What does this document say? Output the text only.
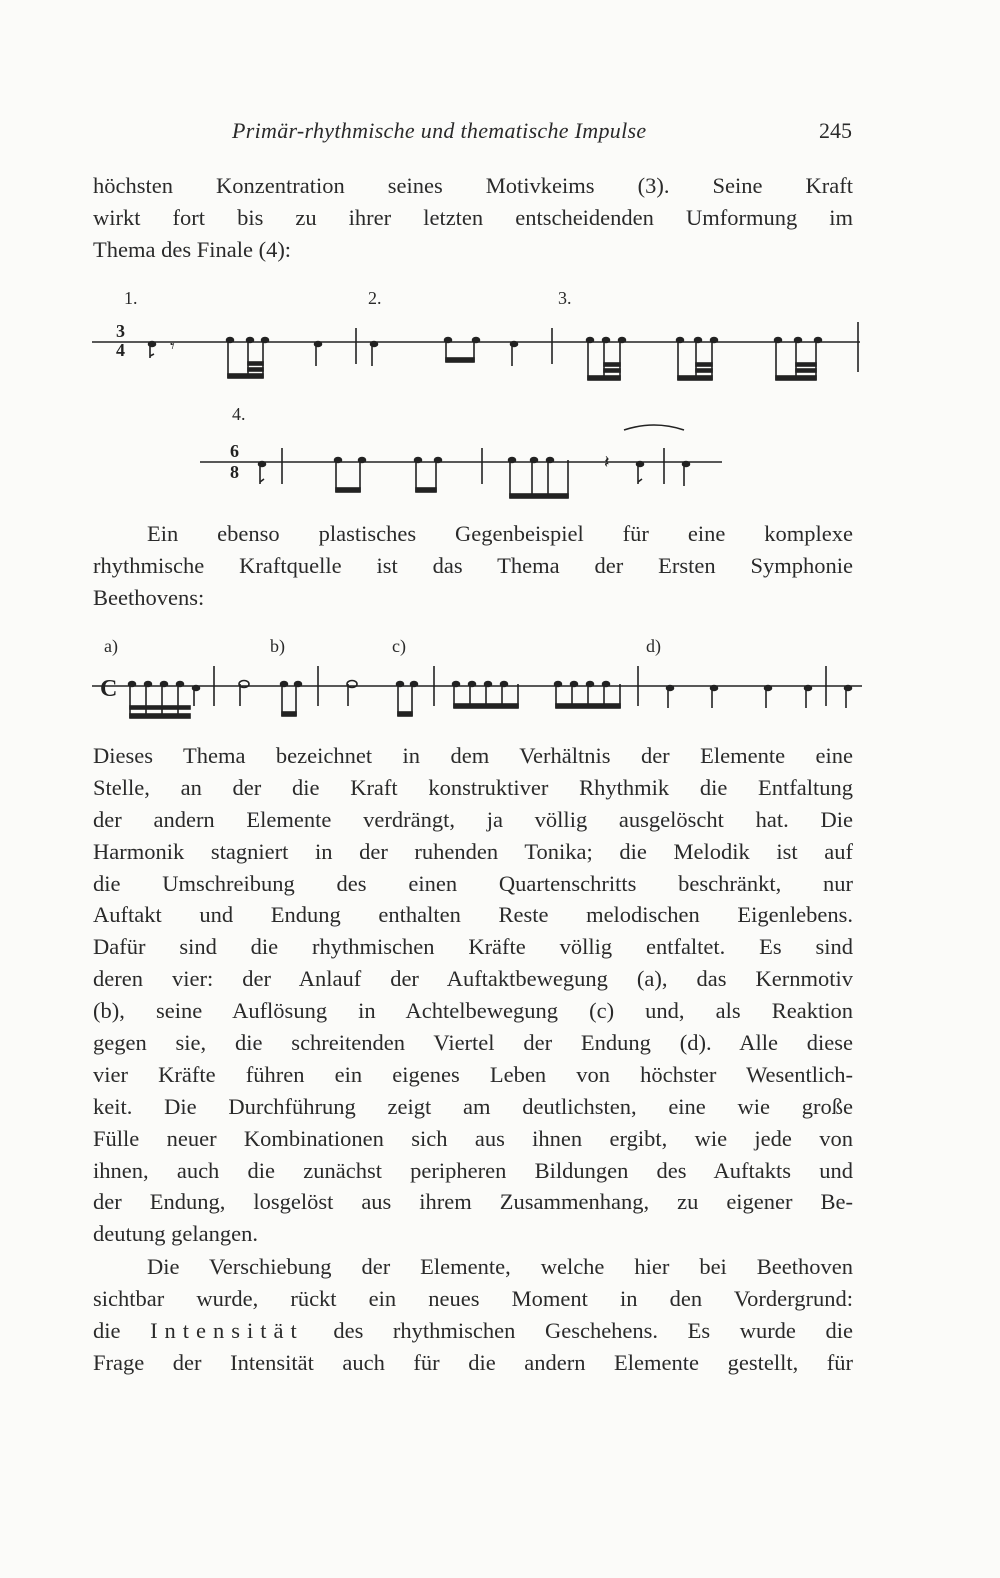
Primär-rhythmische und thematische Impulse	245
höchsten Konzentration seines Motivkeims (3). Seine Kraft
wirkt fort bis zu ihrer letzten entscheidenden Umformung im
Thema des Finale (4):
1.	2.	3.
4.
3
4	𝄾
6
8	𝄽
Ein ebenso plastisches Gegenbeispiel für eine komplexe
rhythmische Kraftquelle ist das Thema der Ersten Symphonie
Beethovens:
a)	b)	c)	d)
C
Dieses Thema bezeichnet in dem Verhältnis der Elemente eine
Stelle, an der die Kraft konstruktiver Rhythmik die Entfaltung
der andern Elemente verdrängt, ja völlig ausgelöscht hat. Die
Harmonik stagniert in der ruhenden Tonika; die Melodik ist auf
die Umschreibung des einen Quartenschritts beschränkt, nur
Auftakt und Endung enthalten Reste melodischen Eigenlebens.
Dafür sind die rhythmischen Kräfte völlig entfaltet. Es sind
deren vier: der Anlauf der Auftaktbewegung (a), das Kernmotiv
(b), seine Auflösung in Achtelbewegung (c) und, als Reaktion
gegen sie, die schreitenden Viertel der Endung (d). Alle diese
vier Kräfte führen ein eigenes Leben von höchster Wesentlich-
keit. Die Durchführung zeigt am deutlichsten, eine wie große
Fülle neuer Kombinationen sich aus ihnen ergibt, wie jede von
ihnen, auch die zunächst peripheren Bildungen des Auftakts und
der Endung, losgelöst aus ihrem Zusammenhang, zu eigener Be-
deutung gelangen.
Die Verschiebung der Elemente, welche hier bei Beethoven
sichtbar wurde, rückt ein neues Moment in den Vordergrund:
die Intensität des rhythmischen Geschehens. Es wurde die
Frage der Intensität auch für die andern Elemente gestellt, für
